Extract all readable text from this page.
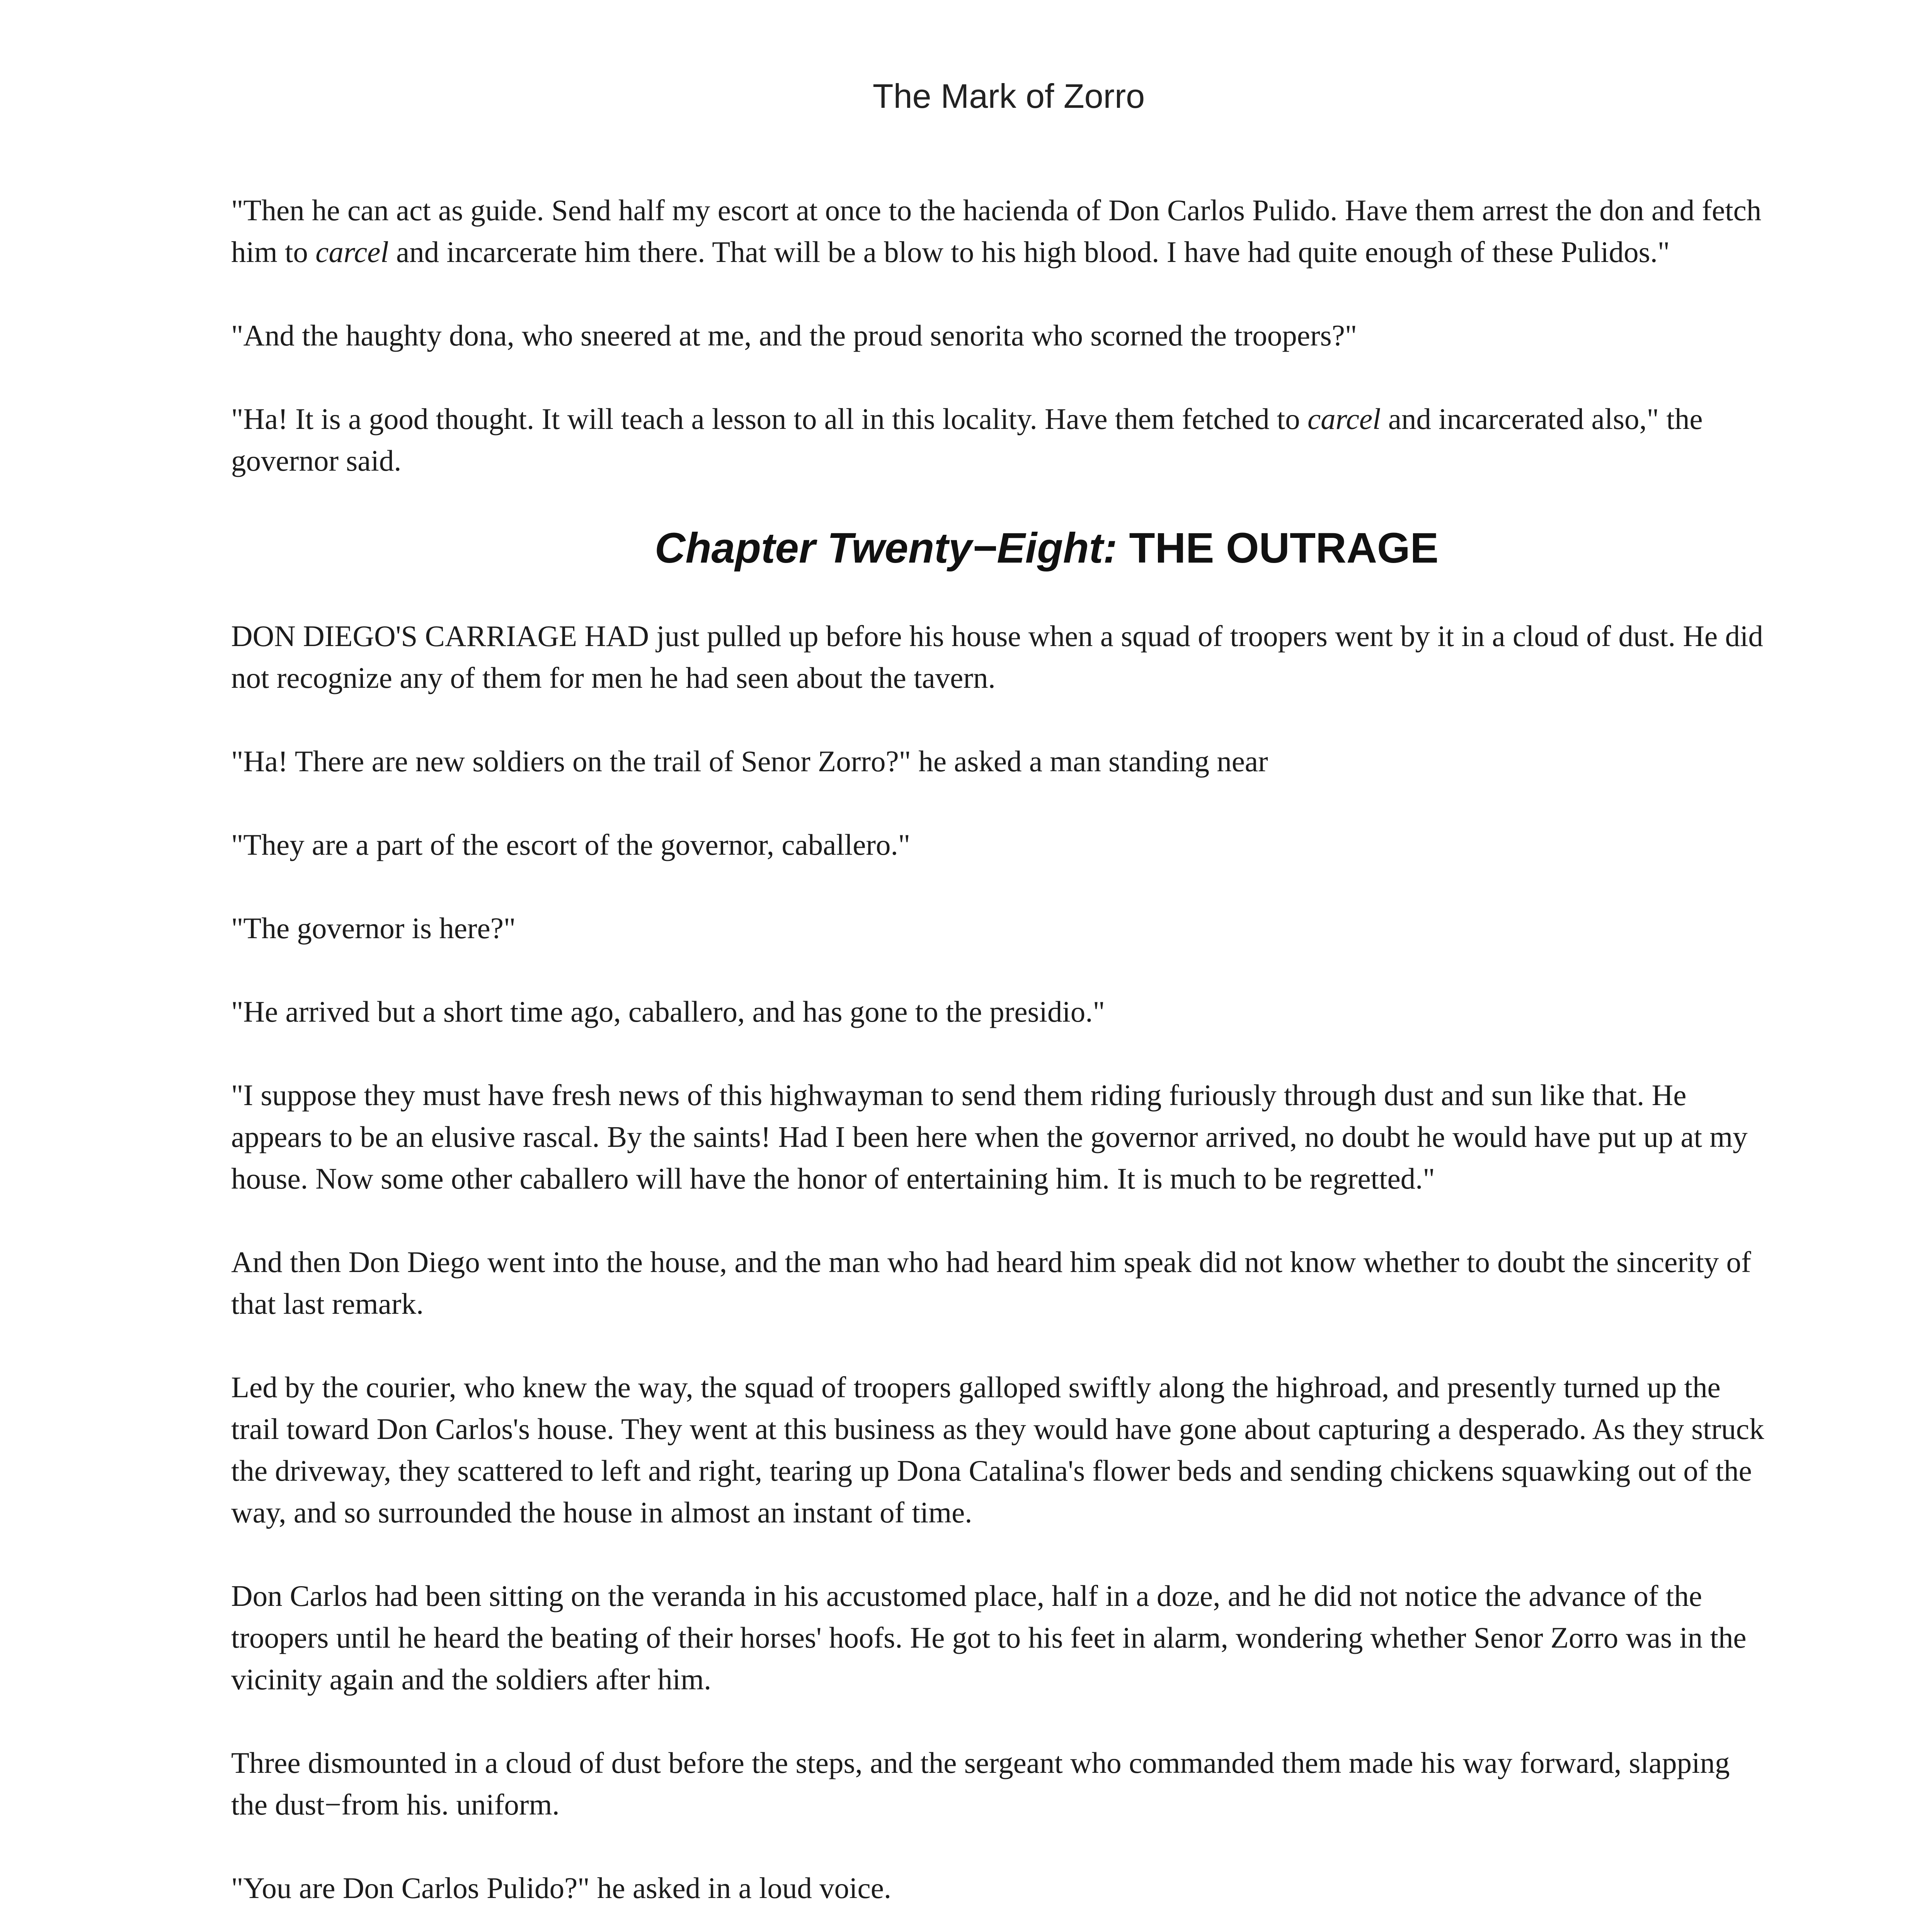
The Mark of Zorro

"Then he can act as guide. Send half my escort at once to the hacienda of Don Carlos Pulido. Have them arrest the don and fetch him to carcel and incarcerate him there. That will be a blow to his high blood. I have had quite enough of these Pulidos."

"And the haughty dona, who sneered at me, and the proud senorita who scorned the troopers?"

"Ha! It is a good thought. It will teach a lesson to all in this locality. Have them fetched to carcel and incarcerated also," the governor said.

Chapter Twenty−Eight: THE OUTRAGE

DON DIEGO'S CARRIAGE HAD just pulled up before his house when a squad of troopers went by it in a cloud of dust. He did not recognize any of them for men he had seen about the tavern.

"Ha! There are new soldiers on the trail of Senor Zorro?" he asked a man standing near

"They are a part of the escort of the governor, caballero."

"The governor is here?"

"He arrived but a short time ago, caballero, and has gone to the presidio."

"I suppose they must have fresh news of this highwayman to send them riding furiously through dust and sun like that. He appears to be an elusive rascal. By the saints! Had I been here when the governor arrived, no doubt he would have put up at my house. Now some other caballero will have the honor of entertaining him. It is much to be regretted."

And then Don Diego went into the house, and the man who had heard him speak did not know whether to doubt the sincerity of that last remark.

Led by the courier, who knew the way, the squad of troopers galloped swiftly along the highroad, and presently turned up the trail toward Don Carlos's house. They went at this business as they would have gone about capturing a desperado. As they struck the driveway, they scattered to left and right, tearing up Dona Catalina's flower beds and sending chickens squawking out of the way, and so surrounded the house in almost an instant of time.

Don Carlos had been sitting on the veranda in his accustomed place, half in a doze, and he did not notice the advance of the troopers until he heard the beating of their horses' hoofs. He got to his feet in alarm, wondering whether Senor Zorro was in the vicinity again and the soldiers after him.

Three dismounted in a cloud of dust before the steps, and the sergeant who commanded them made his way forward, slapping the dust−from his. uniform.

"You are Don Carlos Pulido?" he asked in a loud voice.
